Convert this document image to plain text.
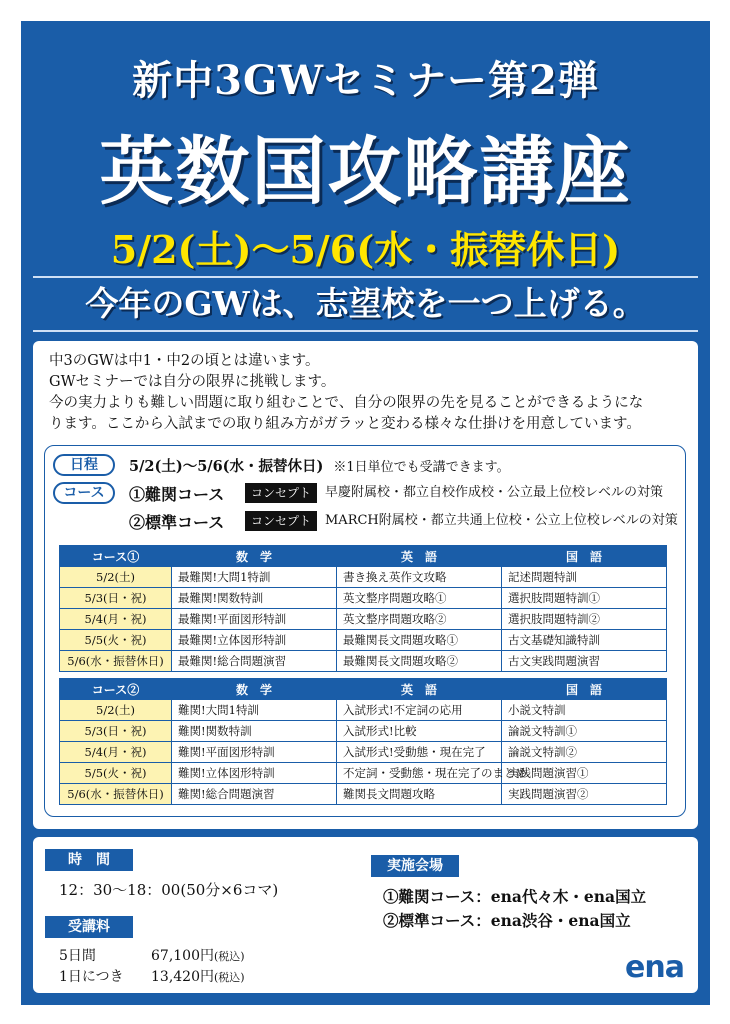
新中3GWセミナー第2弾
英数国攻略講座
5/2(土)～5/6(水・振替休日)
今年のGWは、志望校を一つ上げる。

中3のGWは中1・中2の頃とは違います。

GWセミナーでは自分の限界に挑戦します。

今の実力よりも難しい問題に取り組むことで、自分の限界の先を見ることができるようにな

ります。ここから入試までの取り組み方がガラッと変わる様々な仕掛けを用意しています。

日程	5/2(土)～5/6(水・振替休日) ※1日単位でも受講できます。
コース	①難関コース	コンセプト	早慶附属校・都立自校作成校・公立最上位校レベルの対策
②標準コース	コンセプト	MARCH附属校・都立共通上位校・公立上位校レベルの対策
コース①	数　学	英　語	国　語
5/2(土)	最難関!大問1特訓	書き換え英作文攻略	記述問題特訓
5/3(日・祝)	最難関!関数特訓	英文整序問題攻略①	選択肢問題特訓①
5/4(月・祝)	最難関!平面図形特訓	英文整序問題攻略②	選択肢問題特訓②
5/5(火・祝)	最難関!立体図形特訓	最難関長文問題攻略①	古文基礎知識特訓
5/6(水・振替休日)	最難関!総合問題演習	最難関長文問題攻略②	古文実践問題演習
コース②	数　学	英　語	国　語
5/2(土)	難関!大問1特訓	入試形式!不定詞の応用	小説文特訓
5/3(日・祝)	難関!関数特訓	入試形式!比較	論説文特訓①
5/4(月・祝)	難関!平面図形特訓	入試形式!受動態・現在完了	論説文特訓②
5/5(火・祝)	難関!立体図形特訓	不定詞・受動態・現在完了のまとめ	実践問題演習①
5/6(水・振替休日)	難関!総合問題演習	難関長文問題攻略	実践問題演習②
時　間
12：30～18：00(50分×6コマ)
受講料
5日間	67,100円(税込)
1日につき 13,420円(税込)
実施会場
①難関コース：ena代々木・ena国立
②標準コース：ena渋谷・ena国立
ena
